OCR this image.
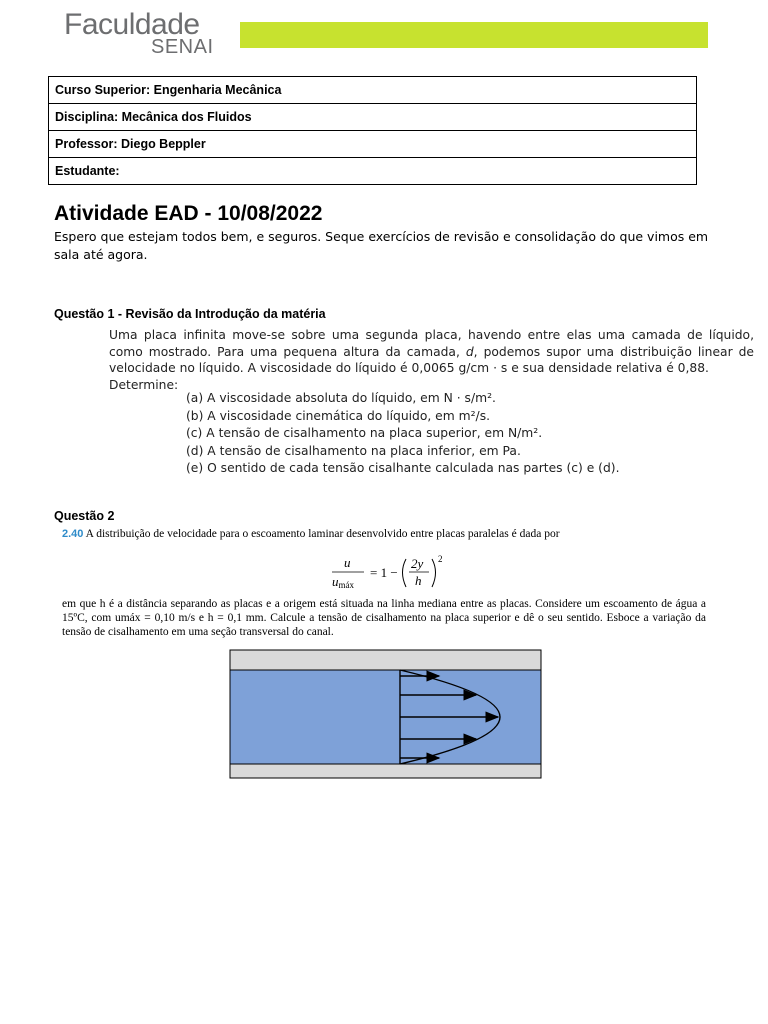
Faculdade
SENAI
Curso Superior: Engenharia Mecânica
Disciplina: Mecânica dos Fluidos
Professor: Diego Beppler
Estudante:
Atividade EAD - 10/08/2022
Espero que estejam todos bem, e seguros. Seque exercícios de revisão e consolidação do que vimos em sala até agora.
Questão 1 - Revisão da Introdução da matéria
Uma placa infinita move-se sobre uma segunda placa, havendo entre elas uma camada de líquido, como mostrado. Para uma pequena altura da camada, d, podemos supor uma distribuição linear de velocidade no líquido. A viscosidade do líquido é 0,0065 g/cm · s e sua densidade relativa é 0,88.
Determine:
(a) A viscosidade absoluta do líquido, em N · s/m².
(b) A viscosidade cinemática do líquido, em m²/s.
(c) A tensão de cisalhamento na placa superior, em N/m².
(d) A tensão de cisalhamento na placa inferior, em Pa.
(e) O sentido de cada tensão cisalhante calculada nas partes (c) e (d).
Questão 2
2.40 A distribuição de velocidade para o escoamento laminar desenvolvido entre placas paralelas é dada por
u
umáx
= 1 −
2y
h
2
em que h é a distância separando as placas e a origem está situada na linha mediana entre as placas. Considere um escoamento de água a 15ºC, com umáx = 0,10 m/s e h = 0,1 mm. Calcule a tensão de cisalhamento na placa superior e dê o seu sentido. Esboce a variação da tensão de cisalhamento em uma seção transversal do canal.
